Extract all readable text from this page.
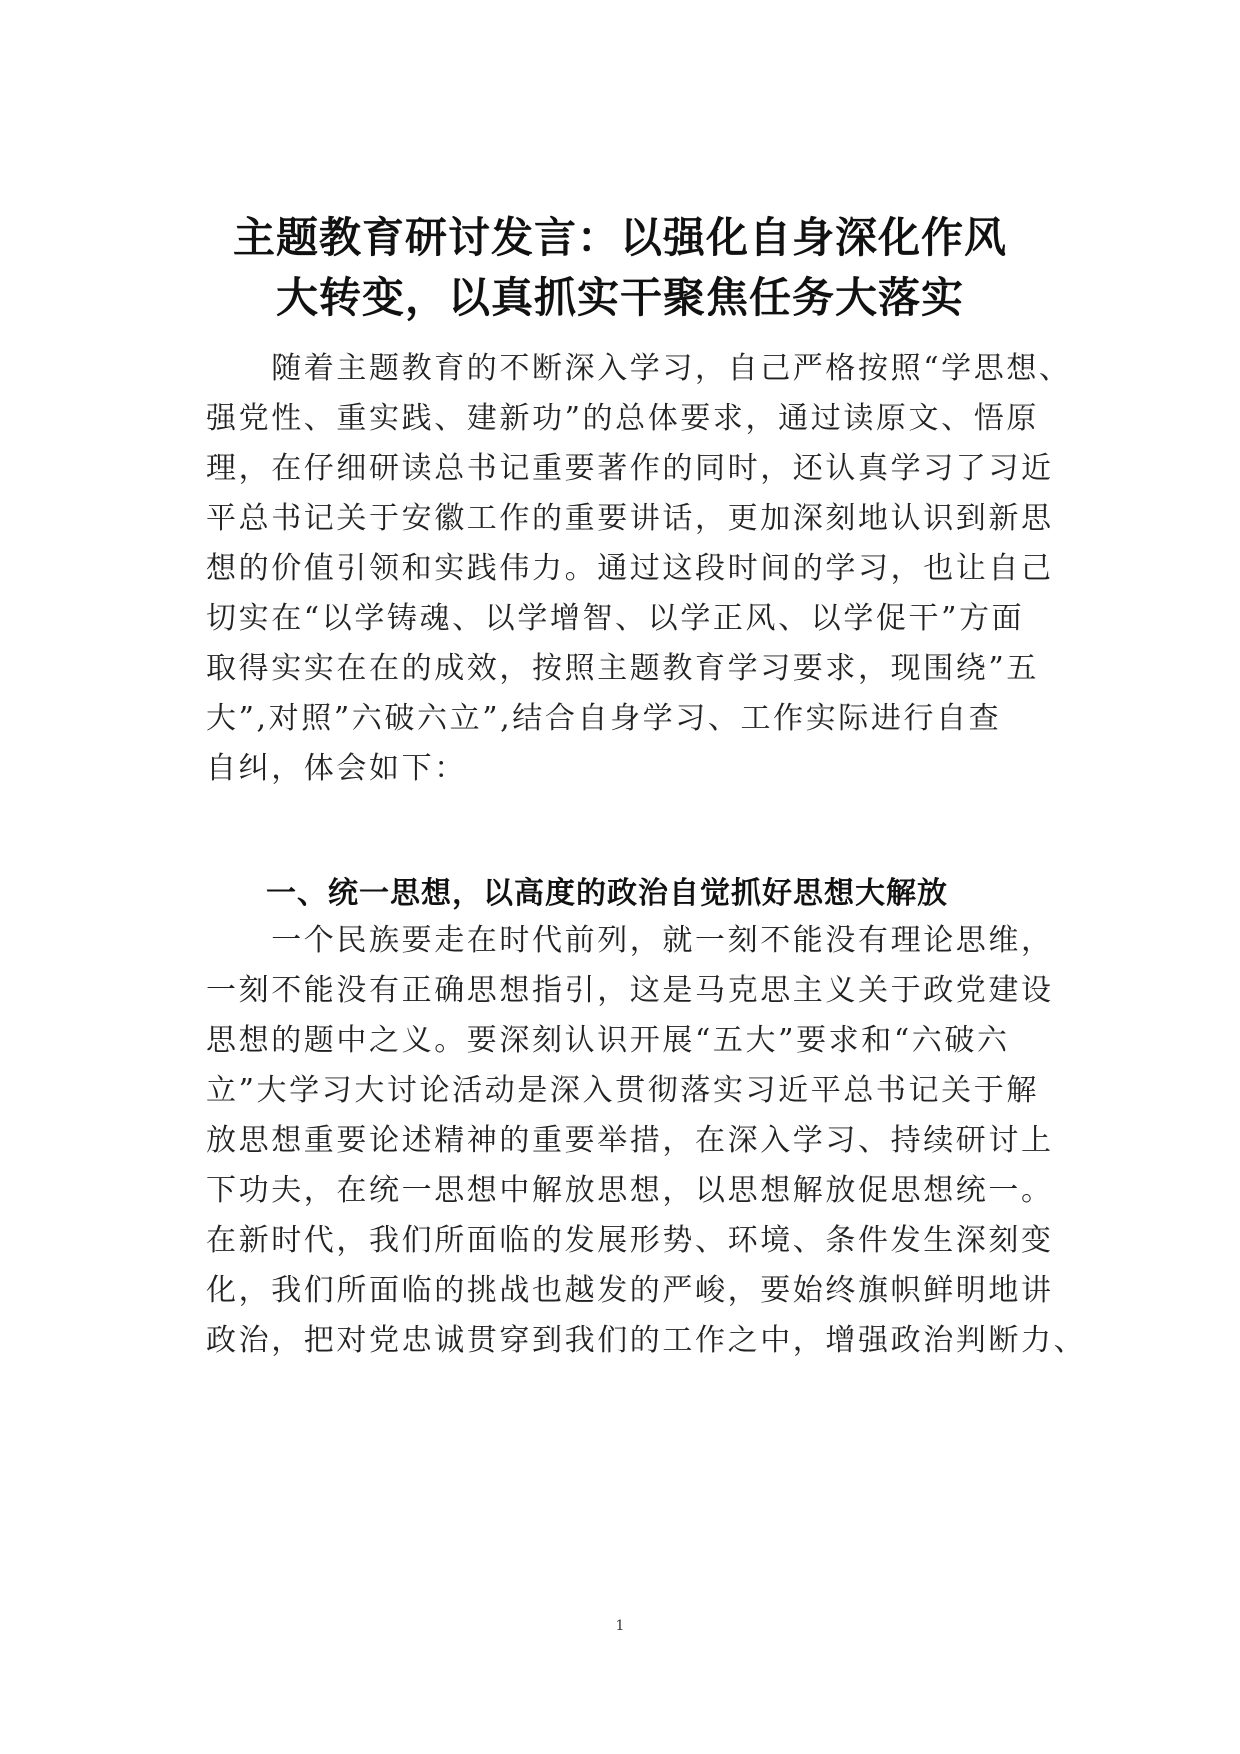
主题教育研讨发言：以强化自身深化作风
大转变，以真抓实干聚焦任务大落实
　　随着主题教育的不断深入学习，自己严格按照“学思想、
强党性、重实践、建新功”的总体要求，通过读原文、悟原
理，在仔细研读总书记重要著作的同时，还认真学习了习近
平总书记关于安徽工作的重要讲话，更加深刻地认识到新思
想的价值引领和实践伟力。通过这段时间的学习，也让自己
切实在“以学铸魂、以学增智、以学正风、以学促干”方面
取得实实在在的成效，按照主题教育学习要求，现围绕”五
大”,对照”六破六立”,结合自身学习、工作实际进行自查
自纠，体会如下：
一、统一思想，以高度的政治自觉抓好思想大解放
　　一个民族要走在时代前列，就一刻不能没有理论思维，
一刻不能没有正确思想指引，这是马克思主义关于政党建设
思想的题中之义。要深刻认识开展“五大”要求和“六破六
立”大学习大讨论活动是深入贯彻落实习近平总书记关于解
放思想重要论述精神的重要举措，在深入学习、持续研讨上
下功夫，在统一思想中解放思想，以思想解放促思想统一。
在新时代，我们所面临的发展形势、环境、条件发生深刻变
化，我们所面临的挑战也越发的严峻，要始终旗帜鲜明地讲
政治，把对党忠诚贯穿到我们的工作之中，增强政治判断力、
1
